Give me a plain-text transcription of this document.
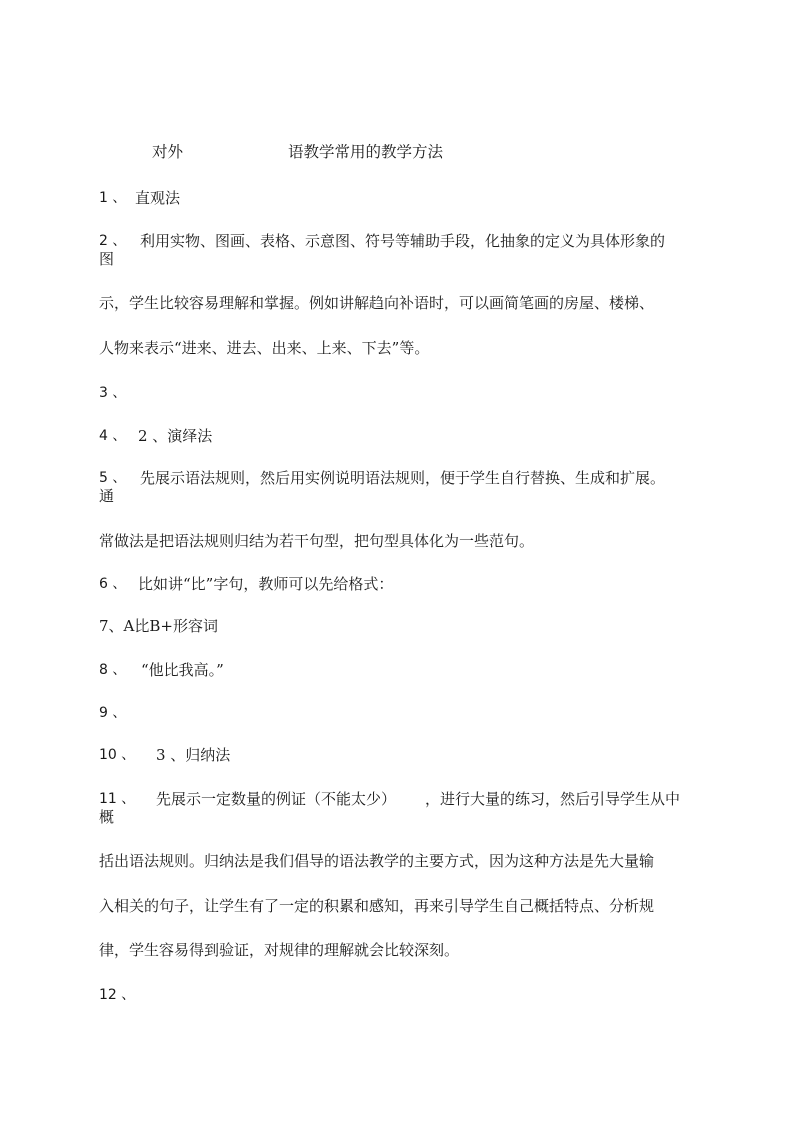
对外	语教学常用的教学方法
1 、 直观法
2 、 利用实物、图画、表格、示意图、符号等辅助手段，化抽象的定义为具体形象的
图
示，学生比较容易理解和掌握。例如讲解趋向补语时，可以画简笔画的房屋、楼梯、
人物来表示“进来、进去、出来、上来、下去”等。
3 、
4 、 2 、演绎法
5 、 先展示语法规则，然后用实例说明语法规则，便于学生自行替换、生成和扩展。
通
常做法是把语法规则归结为若干句型，把句型具体化为一些范句。
6 、 比如讲“比”字句，教师可以先给格式：
7、A比B+形容词
8 、 “他比我高。”
9 、
10 、 3 、归纳法
11 、 先展示一定数量的例证（不能太少） ，进行大量的练习，然后引导学生从中
概
括出语法规则。归纳法是我们倡导的语法教学的主要方式，因为这种方法是先大量输
入相关的句子，让学生有了一定的积累和感知，再来引导学生自己概括特点、分析规
律，学生容易得到验证，对规律的理解就会比较深刻。
12 、
